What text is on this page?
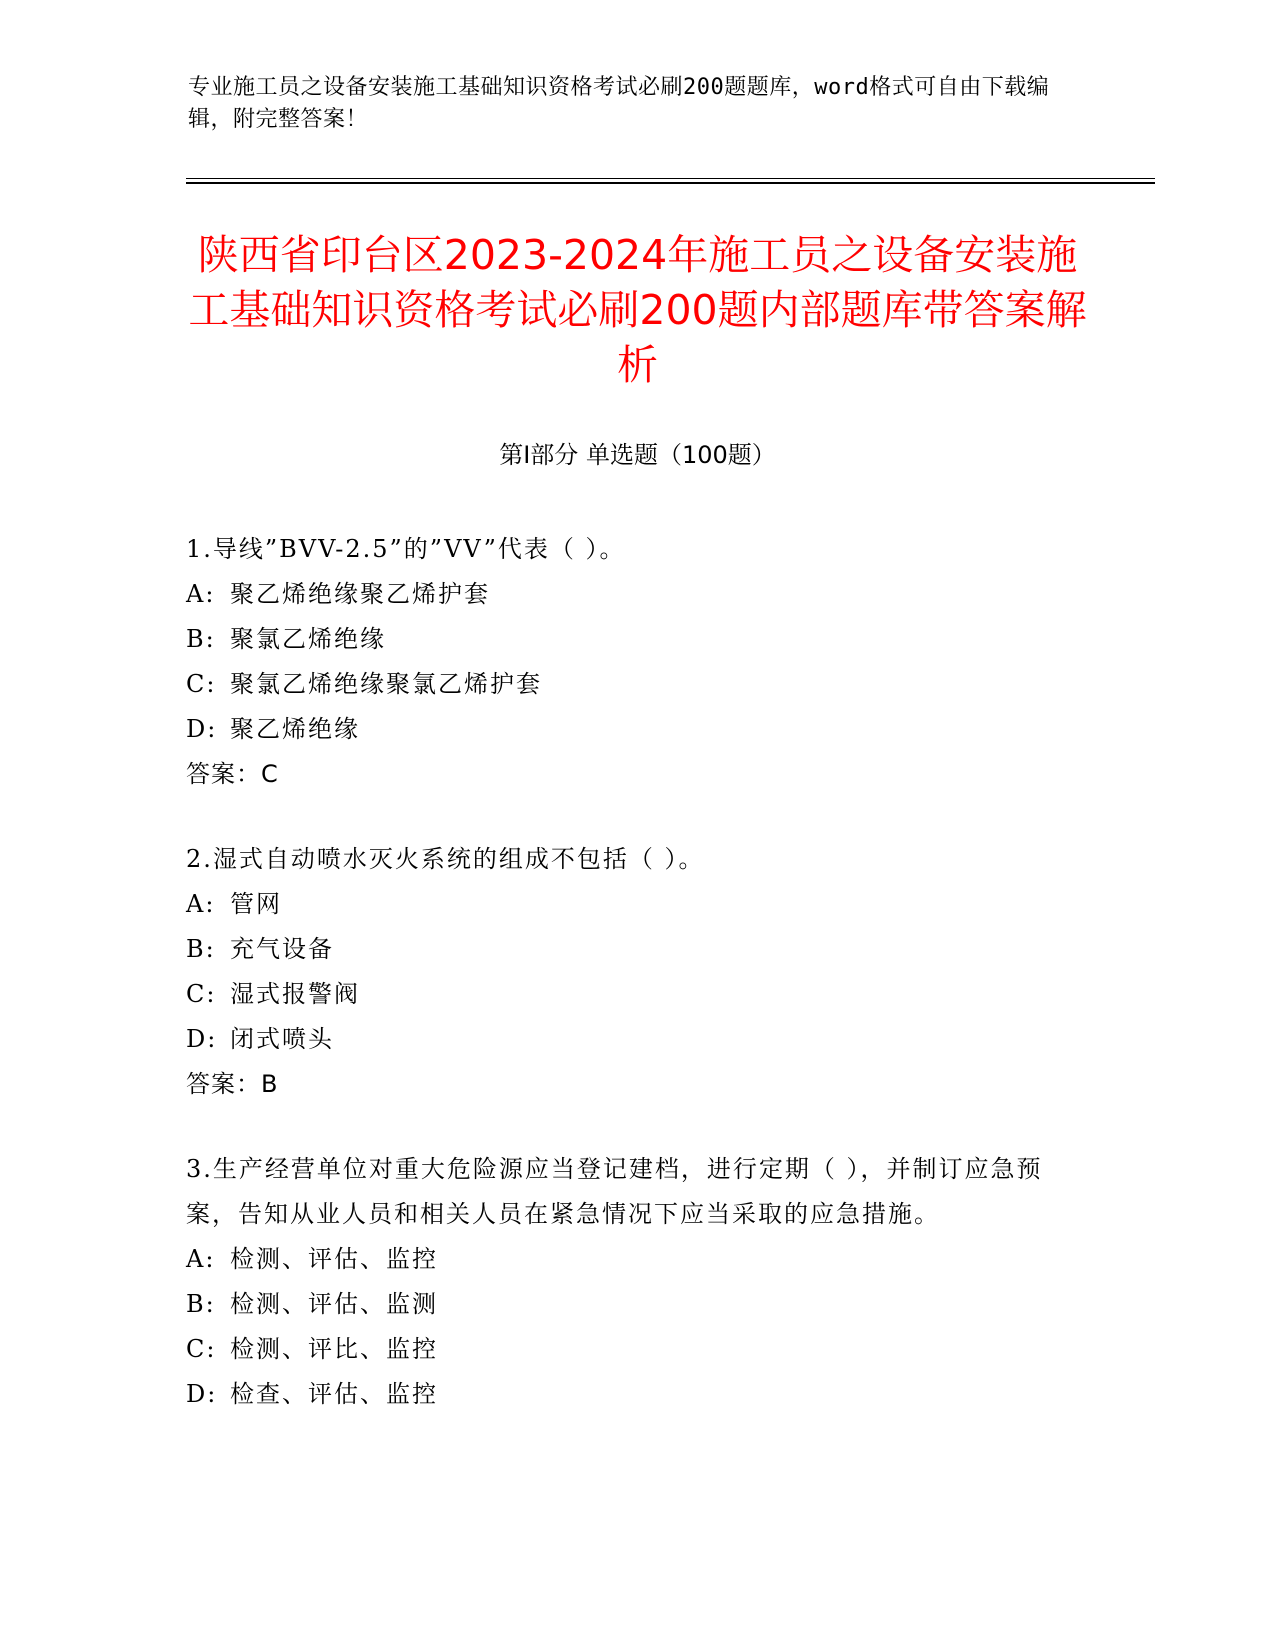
专业施工员之设备安装施工基础知识资格考试必刷200题题库，word格式可自由下载编辑，附完整答案！
陕西省印台区2023-2024年施工员之设备安装施工基础知识资格考试必刷200题内部题库带答案解析
第Ⅰ部分 单选题（100题）
1.导线”BVV-2.5”的”VV”代表（ ）。
A: 聚乙烯绝缘聚乙烯护套
B: 聚氯乙烯绝缘
C: 聚氯乙烯绝缘聚氯乙烯护套
D: 聚乙烯绝缘
答案：C
2.湿式自动喷水灭火系统的组成不包括（ ）。
A: 管网
B: 充气设备
C: 湿式报警阀
D: 闭式喷头
答案：B
3.生产经营单位对重大危险源应当登记建档，进行定期（ ），并制订应急预案，告知从业人员和相关人员在紧急情况下应当采取的应急措施。
A: 检测、评估、监控
B: 检测、评估、监测
C: 检测、评比、监控
D: 检查、评估、监控
